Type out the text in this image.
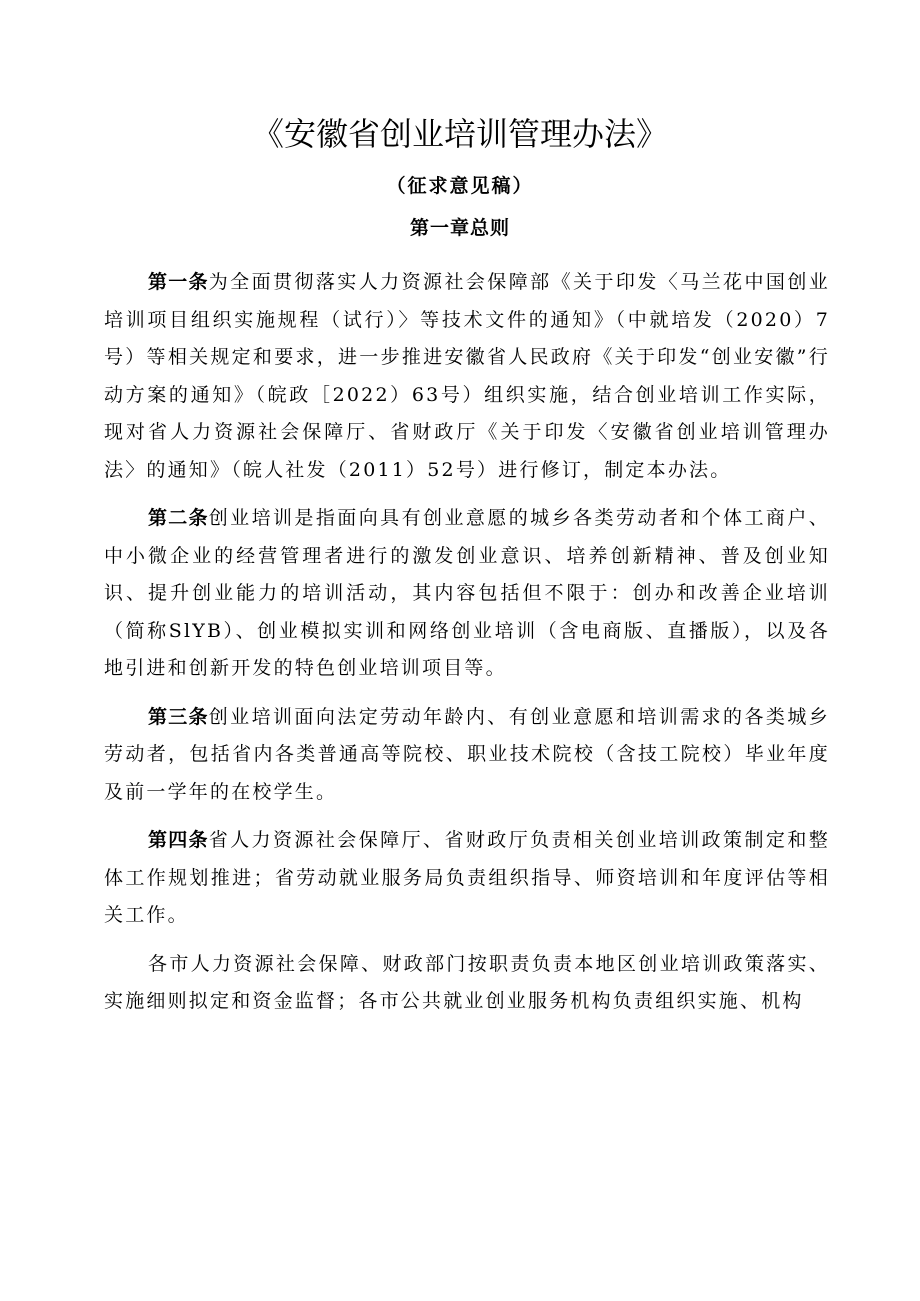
《安徽省创业培训管理办法》
（征求意见稿）
第一章总则

第一条为全面贯彻落实人力资源社会保障部《关于印发〈马兰花中国创业培训项目组织实施规程（试行）〉等技术文件的通知》（中就培发（2020）7号）等相关规定和要求，进一步推进安徽省人民政府《关于印发“创业安徽”行动方案的通知》（皖政［2022）63号）组织实施，结合创业培训工作实际，现对省人力资源社会保障厅、省财政厅《关于印发〈安徽省创业培训管理办法〉的通知》（皖人社发（2011）52号）进行修订，制定本办法。

第二条创业培训是指面向具有创业意愿的城乡各类劳动者和个体工商户、中小微企业的经营管理者进行的激发创业意识、培养创新精神、普及创业知识、提升创业能力的培训活动，其内容包括但不限于：创办和改善企业培训（简称SlYB）、创业模拟实训和网络创业培训（含电商版、直播版），以及各地引进和创新开发的特色创业培训项目等。

第三条创业培训面向法定劳动年龄内、有创业意愿和培训需求的各类城乡劳动者，包括省内各类普通高等院校、职业技术院校（含技工院校）毕业年度及前一学年的在校学生。

第四条省人力资源社会保障厅、省财政厅负责相关创业培训政策制定和整体工作规划推进；省劳动就业服务局负责组织指导、师资培训和年度评估等相关工作。

各市人力资源社会保障、财政部门按职责负责本地区创业培训政策落实、实施细则拟定和资金监督；各市公共就业创业服务机构负责组织实施、机构
